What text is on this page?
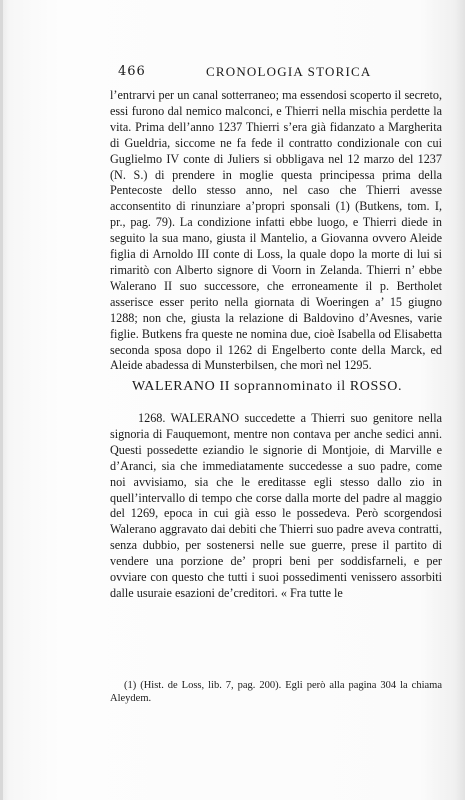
466	CRONOLOGIA STORICA

l’entrarvi per un canal sotterraneo; ma essendosi scoperto il secreto, essi furono dal nemico malconci, e Thierri nella mischia perdette la vita. Prima dell’anno 1237 Thierri s’era già fidanzato a Margherita di Gueldria, siccome ne fa fede il contratto condizionale con cui Guglielmo IV conte di Juliers si obbligava nel 12 marzo del 1237 (N. S.) di prendere in moglie questa principessa prima della Pentecoste dello stesso anno, nel caso che Thierri avesse acconsentito di rinunziare a’propri sponsali (1) (Butkens, tom. I, pr., pag. 79). La condizione infatti ebbe luogo, e Thierri diede in seguito la sua mano, giusta il Mantelio, a Giovanna ovvero Aleide figlia di Arnoldo III conte di Loss, la quale dopo la morte di lui si rimaritò con Alberto signore di Voorn in Zelanda. Thierri n’ ebbe Walerano II suo successore, che erroneamente il p. Bertholet asserisce esser perito nella giornata di Woeringen a’ 15 giugno 1288; non che, giusta la relazione di Baldovino d’Avesnes, varie figlie. Butkens fra queste ne nomina due, cioè Isabella od Elisabetta seconda sposa dopo il 1262 di Engelberto conte della Marck, ed Aleide abadessa di Munsterbilsen, che morì nel 1295.

WALERANO II soprannominato il ROSSO.

1268. WALERANO succedette a Thierri suo genitore nella signoria di Fauquemont, mentre non contava per anche sedici anni. Questi possedette eziandio le signorie di Montjoie, di Marville e d’Aranci, sia che immediatamente succedesse a suo padre, come noi avvisiamo, sia che le ereditasse egli stesso dallo zio in quell’intervallo di tempo che corse dalla morte del padre al maggio del 1269, epoca in cui già esso le possedeva. Però scorgendosi Walerano aggravato dai debiti che Thierri suo padre aveva contratti, senza dubbio, per sostenersi nelle sue guerre, prese il partito di vendere una porzione de’ propri beni per soddisfarneli, e per ovviare con questo che tutti i suoi possedimenti venissero assorbiti dalle usuraie esazioni de’creditori. « Fra tutte le

(1) (Hist. de Loss, lib. 7, pag. 200). Egli però alla pagina 304 la chiama Aleydem.
